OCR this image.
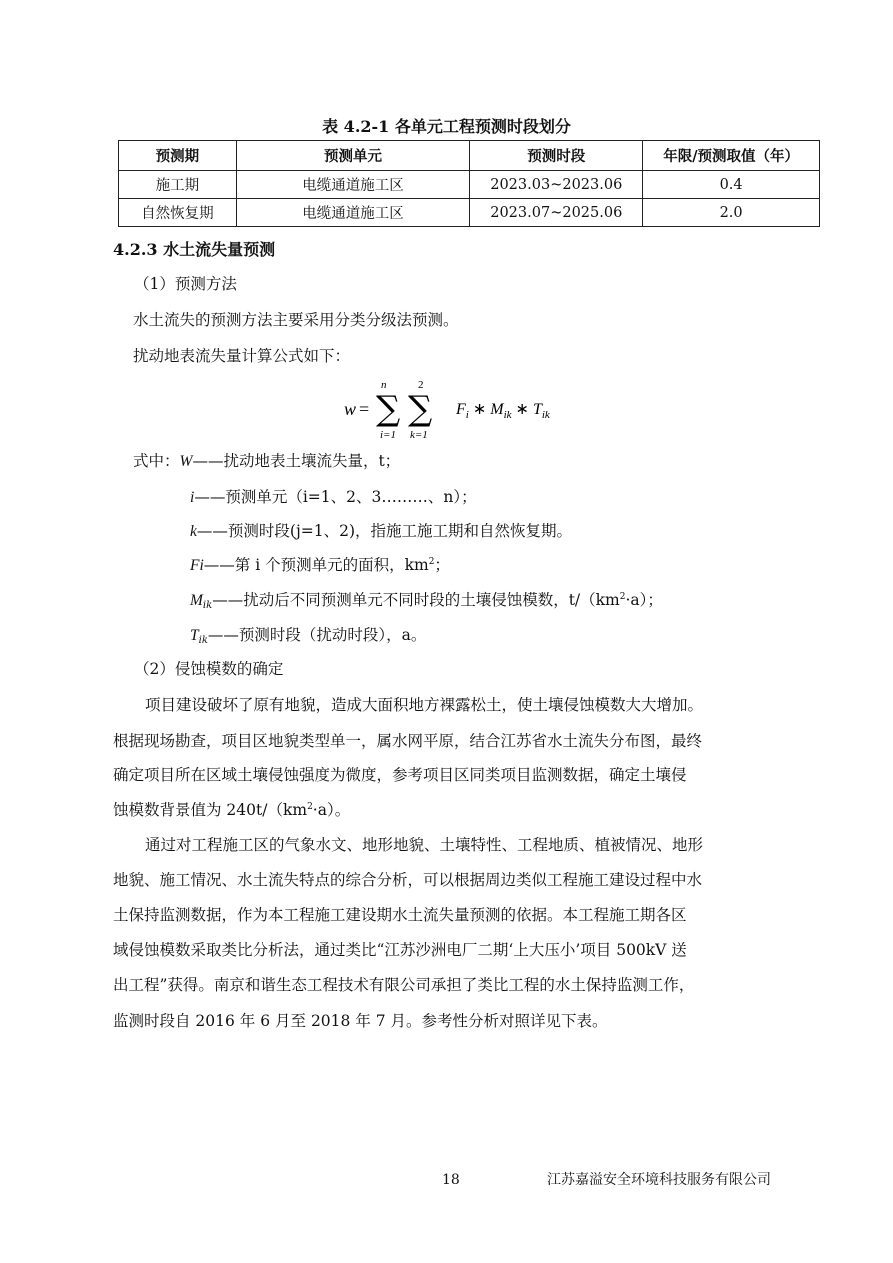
表 4.2-1 各单元工程预测时段划分
预测期	预测单元	预测时段	年限/预测取值（年）
施工期	电缆通道施工区	2023.03~2023.06	0.4
自然恢复期	电缆通道施工区	2023.07~2025.06	2.0
4.2.3 水土流失量预测
（1）预测方法
水土流失的预测方法主要采用分类分级法预测。
扰动地表流失量计算公式如下：
w =
n
∑
i=1
2
∑
k=1
$F_i$ ∗ $M_{ik}$ ∗ $T_{ik}$
式中：W——扰动地表土壤流失量，t；
i——预测单元（i=1、2、3………、n）；
k——预测时段(j=1、2)，指施工施工期和自然恢复期。
Fi——第 i 个预测单元的面积，$km^2$；
$M_{ik}——$扰动后不同预测单元不同时段的土壤侵蚀模数，$t/(km^2\cdot a)$；
$T_{ik}——$预测时段（扰动时段），a。
（2）侵蚀模数的确定
项目建设破坏了原有地貌，造成大面积地方裸露松土，使土壤侵蚀模数大大增加。
根据现场勘查，项目区地貌类型单一，属水网平原，结合江苏省水土流失分布图，最终
确定项目所在区域土壤侵蚀强度为微度，参考项目区同类项目监测数据，确定土壤侵
蚀模数背景值为 $240t/(km^2\cdot a)$。
通过对工程施工区的气象水文、地形地貌、土壤特性、工程地质、植被情况、地形
地貌、施工情况、水土流失特点的综合分析，可以根据周边类似工程施工建设过程中水
土保持监测数据，作为本工程施工建设期水土流失量预测的依据。本工程施工期各区
域侵蚀模数采取类比分析法，通过类比“江苏沙洲电厂二期‘上大压小’项目 500kV 送
出工程”获得。南京和谐生态工程技术有限公司承担了类比工程的水土保持监测工作，
监测时段自 2016 年 6 月至 2018 年 7 月。参考性分析对照详见下表。
18	江苏嘉溢安全环境科技服务有限公司
